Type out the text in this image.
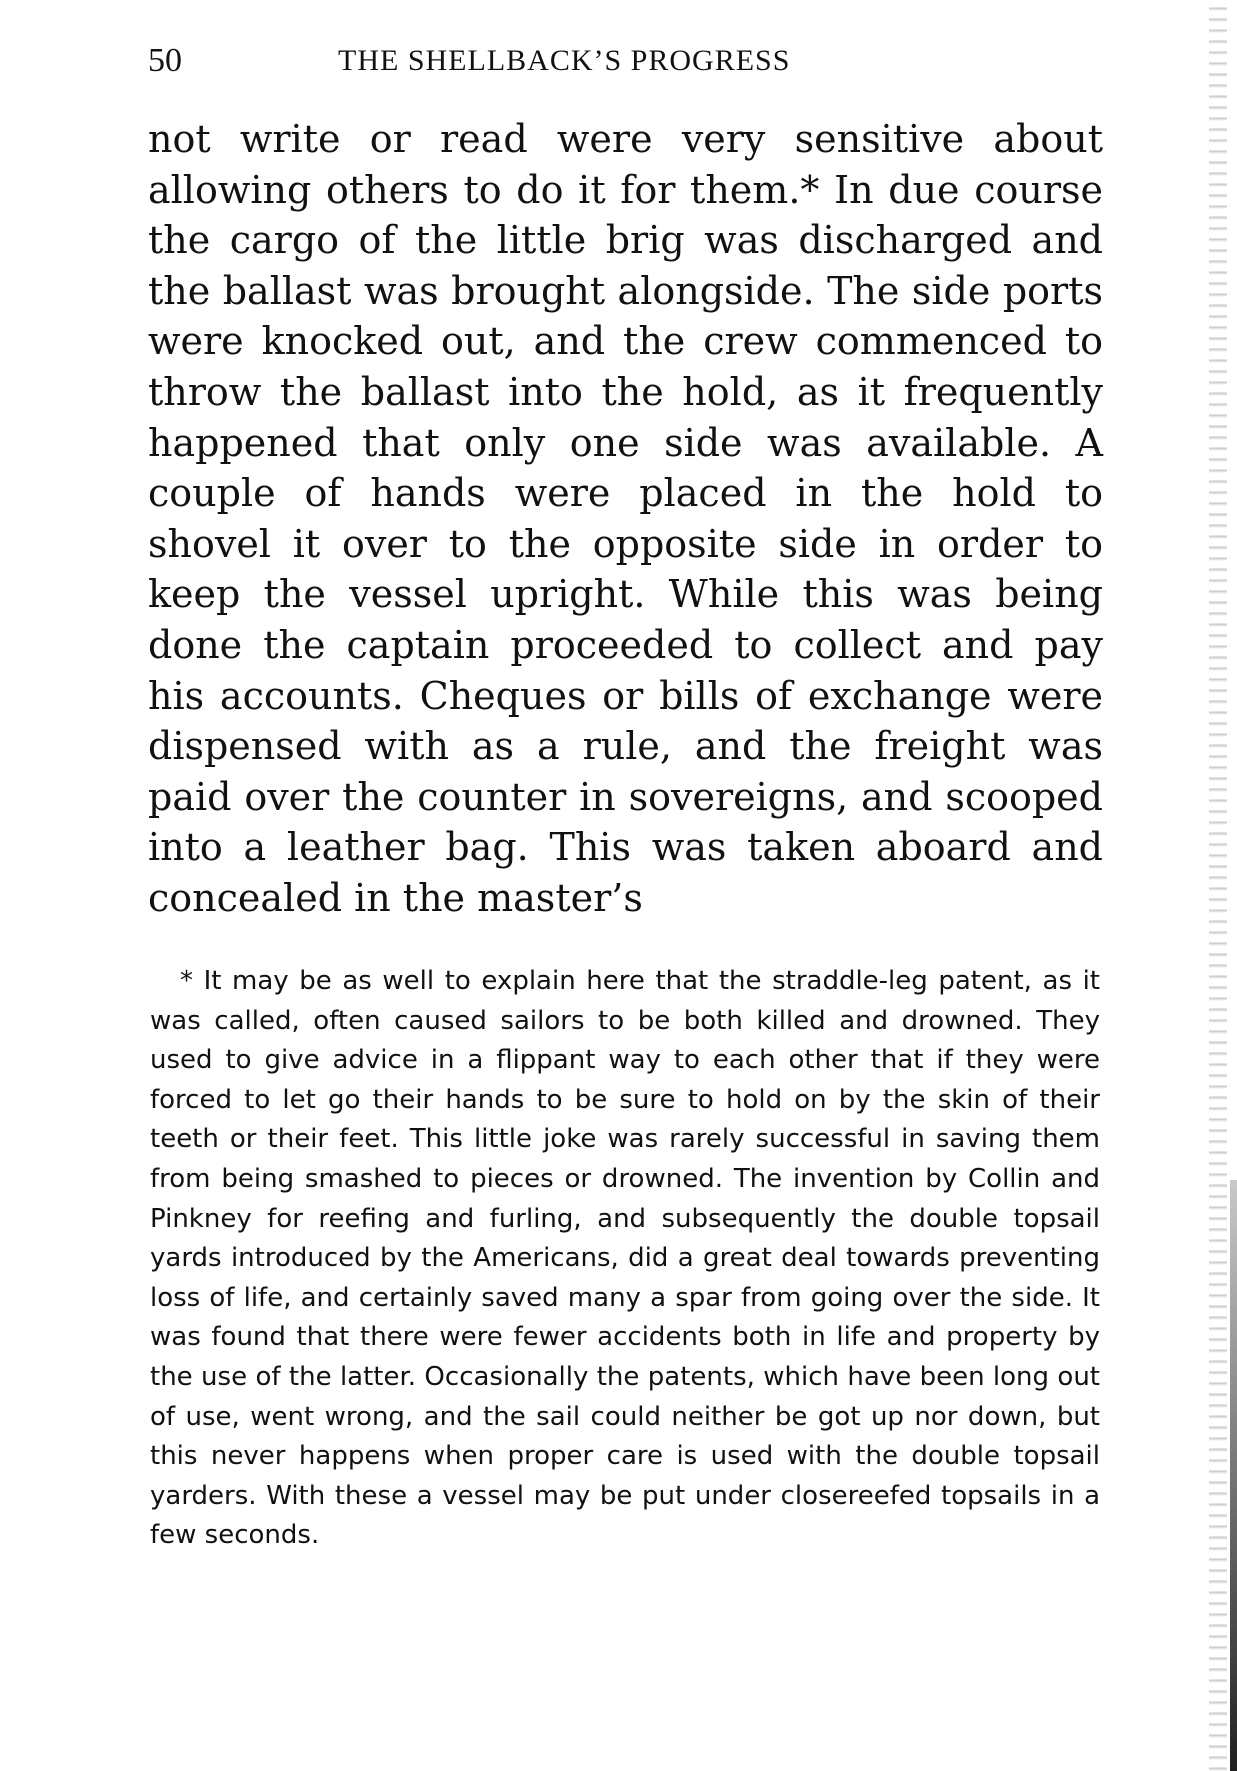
50	THE SHELLBACK’S PROGRESS

not write or read were very sensitive about allowing others to do it for them.* In due course the cargo of the little brig was discharged and the ballast was brought alongside. The side ports were knocked out, and the crew commenced to throw the ballast into the hold, as it frequently happened that only one side was available. A couple of hands were placed in the hold to shovel it over to the opposite side in order to keep the vessel upright. While this was being done the captain proceeded to collect and pay his accounts. Cheques or bills of exchange were dispensed with as a rule, and the freight was paid over the counter in sovereigns, and scooped into a leather bag. This was taken aboard and concealed in the master’s

* It may be as well to explain here that the straddle-leg patent, as it was called, often caused sailors to be both killed and drowned. They used to give advice in a flippant way to each other that if they were forced to let go their hands to be sure to hold on by the skin of their teeth or their feet. This little joke was rarely successful in saving them from being smashed to pieces or drowned. The invention by Collin and Pinkney for reefing and furling, and subsequently the double topsail yards introduced by the Americans, did a great deal towards preventing loss of life, and certainly saved many a spar from going over the side. It was found that there were fewer accidents both in life and property by the use of the latter. Occasionally the patents, which have been long out of use, went wrong, and the sail could neither be got up nor down, but this never happens when proper care is used with the double topsail yarders. With these a vessel may be put under closereefed topsails in a few seconds.
